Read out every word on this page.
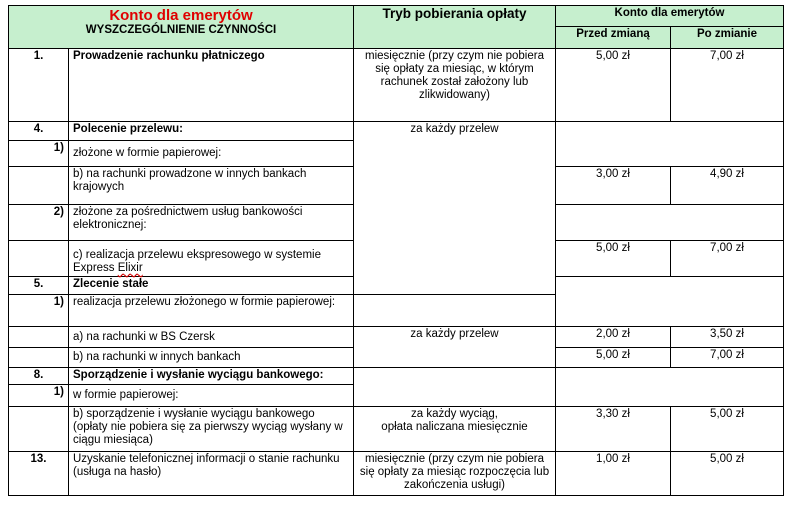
Konto dla emerytów
WYSZCZEGÓLNIENIE CZYNNOŚCI		Tryb pobierania opłaty	Konto dla emerytów	
			Przed zmianą	Po zmianie
1.	Prowadzenie rachunku płatniczego	miesięcznie (przy czym nie pobiera się opłaty za miesiąc, w którym rachunek został założony lub zlikwidowany)	5,00 zł	7,00 zł
4.	Polecenie przelewu:	za każdy przelew		
1)	złożone w formie papierowej:			
	b) na rachunki prowadzone w innych bankach krajowych		3,00 zł	4,90 zł
2)	złożone za pośrednictwem usług bankowości elektronicznej:			
	c) realizacja przelewu ekspresowego w systemie Express Elixir		5,00 zł	7,00 zł
5.	Zlecenie stałe			
1)	realizacja przelewu złożonego w formie papierowej:			
	a) na rachunki w BS Czersk	za każdy przelew	2,00 zł	3,50 zł
	b) na rachunki w innych bankach		5,00 zł	7,00 zł
8.	Sporządzenie i wysłanie wyciągu bankowego:			
1)	w formie papierowej:			
	b) sporządzenie i wysłanie wyciągu bankowego (opłaty nie pobiera się za pierwszy wyciąg wysłany w ciągu miesiąca)	za każdy wyciąg,
opłata naliczana miesięcznie	3,30 zł	5,00 zł
13.	Uzyskanie telefonicznej informacji o stanie rachunku (usługa na hasło)	miesięcznie (przy czym nie pobiera się opłaty za miesiąc rozpoczęcia lub zakończenia usługi)	1,00 zł	5,00 zł
